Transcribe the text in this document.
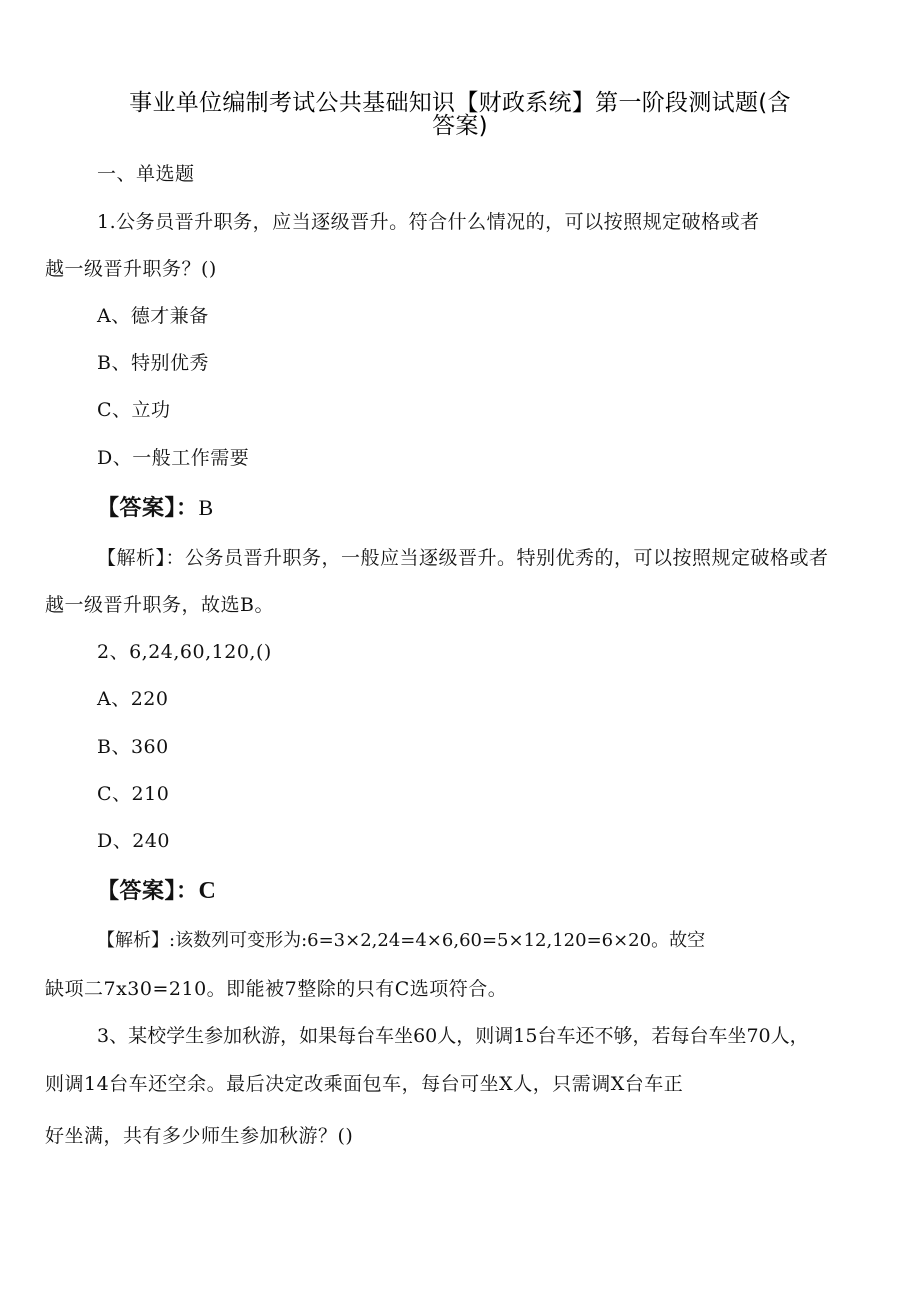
事业单位编制考试公共基础知识【财政系统】第一阶段测试题(含
答案)
一、单选题
1.公务员晋升职务，应当逐级晋升。符合什么情况的，可以按照规定破格或者
越一级晋升职务？()
A、德才兼备
B、特别优秀
C、立功
D、一般工作需要
【答案】：B
【解析】：公务员晋升职务，一般应当逐级晋升。特别优秀的，可以按照规定破格或者
越一级晋升职务，故选B。
2、6,24,60,120,()
A、220
B、360
C、210
D、240
【答案】：C
【解析】:该数列可变形为:6=3×2,24=4×6,60=5×12,120=6×20。故空
缺项二7x30=210。即能被7整除的只有C选项符合。
3、某校学生参加秋游，如果每台车坐60人，则调15台车还不够，若每台车坐70人，
则调14台车还空余。最后决定改乘面包车，每台可坐X人，只需调X台车正
好坐满，共有多少师生参加秋游？()
